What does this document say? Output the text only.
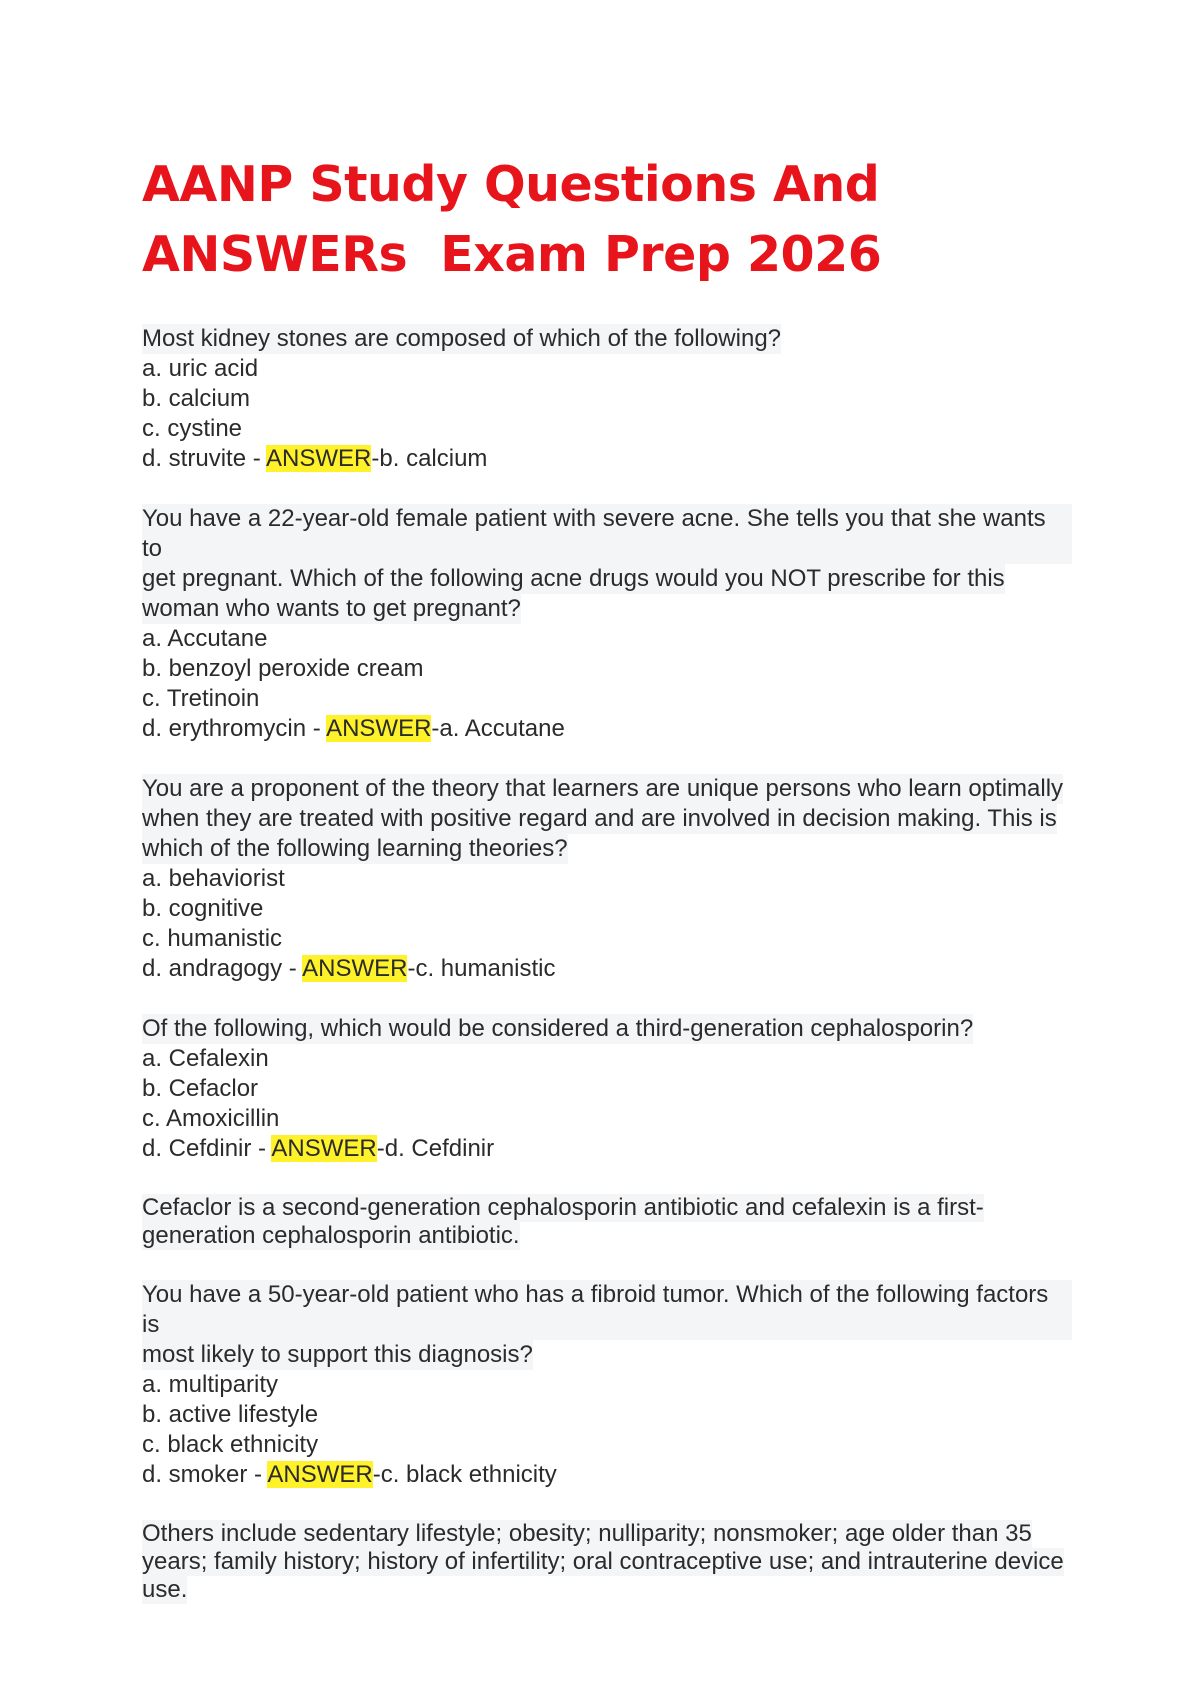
AANP Study Questions And
ANSWERs  Exam Prep 2026
Most kidney stones are composed of which of the following?
a. uric acid
b. calcium
c. cystine
d. struvite - ANSWER-b. calcium
You have a 22-year-old female patient with severe acne. She tells you that she wants to
get pregnant. Which of the following acne drugs would you NOT prescribe for this
woman who wants to get pregnant?
a. Accutane
b. benzoyl peroxide cream
c. Tretinoin
d. erythromycin - ANSWER-a. Accutane
You are a proponent of the theory that learners are unique persons who learn optimally
when they are treated with positive regard and are involved in decision making. This is
which of the following learning theories?
a. behaviorist
b. cognitive
c. humanistic
d. andragogy - ANSWER-c. humanistic
Of the following, which would be considered a third-generation cephalosporin?
a. Cefalexin
b. Cefaclor
c. Amoxicillin
d. Cefdinir - ANSWER-d. Cefdinir
Cefaclor is a second-generation cephalosporin antibiotic and cefalexin is a first-
generation cephalosporin antibiotic.
You have a 50-year-old patient who has a fibroid tumor. Which of the following factors is
most likely to support this diagnosis?
a. multiparity
b. active lifestyle
c. black ethnicity
d. smoker - ANSWER-c. black ethnicity
Others include sedentary lifestyle; obesity; nulliparity; nonsmoker; age older than 35
years; family history; history of infertility; oral contraceptive use; and intrauterine device
use.
